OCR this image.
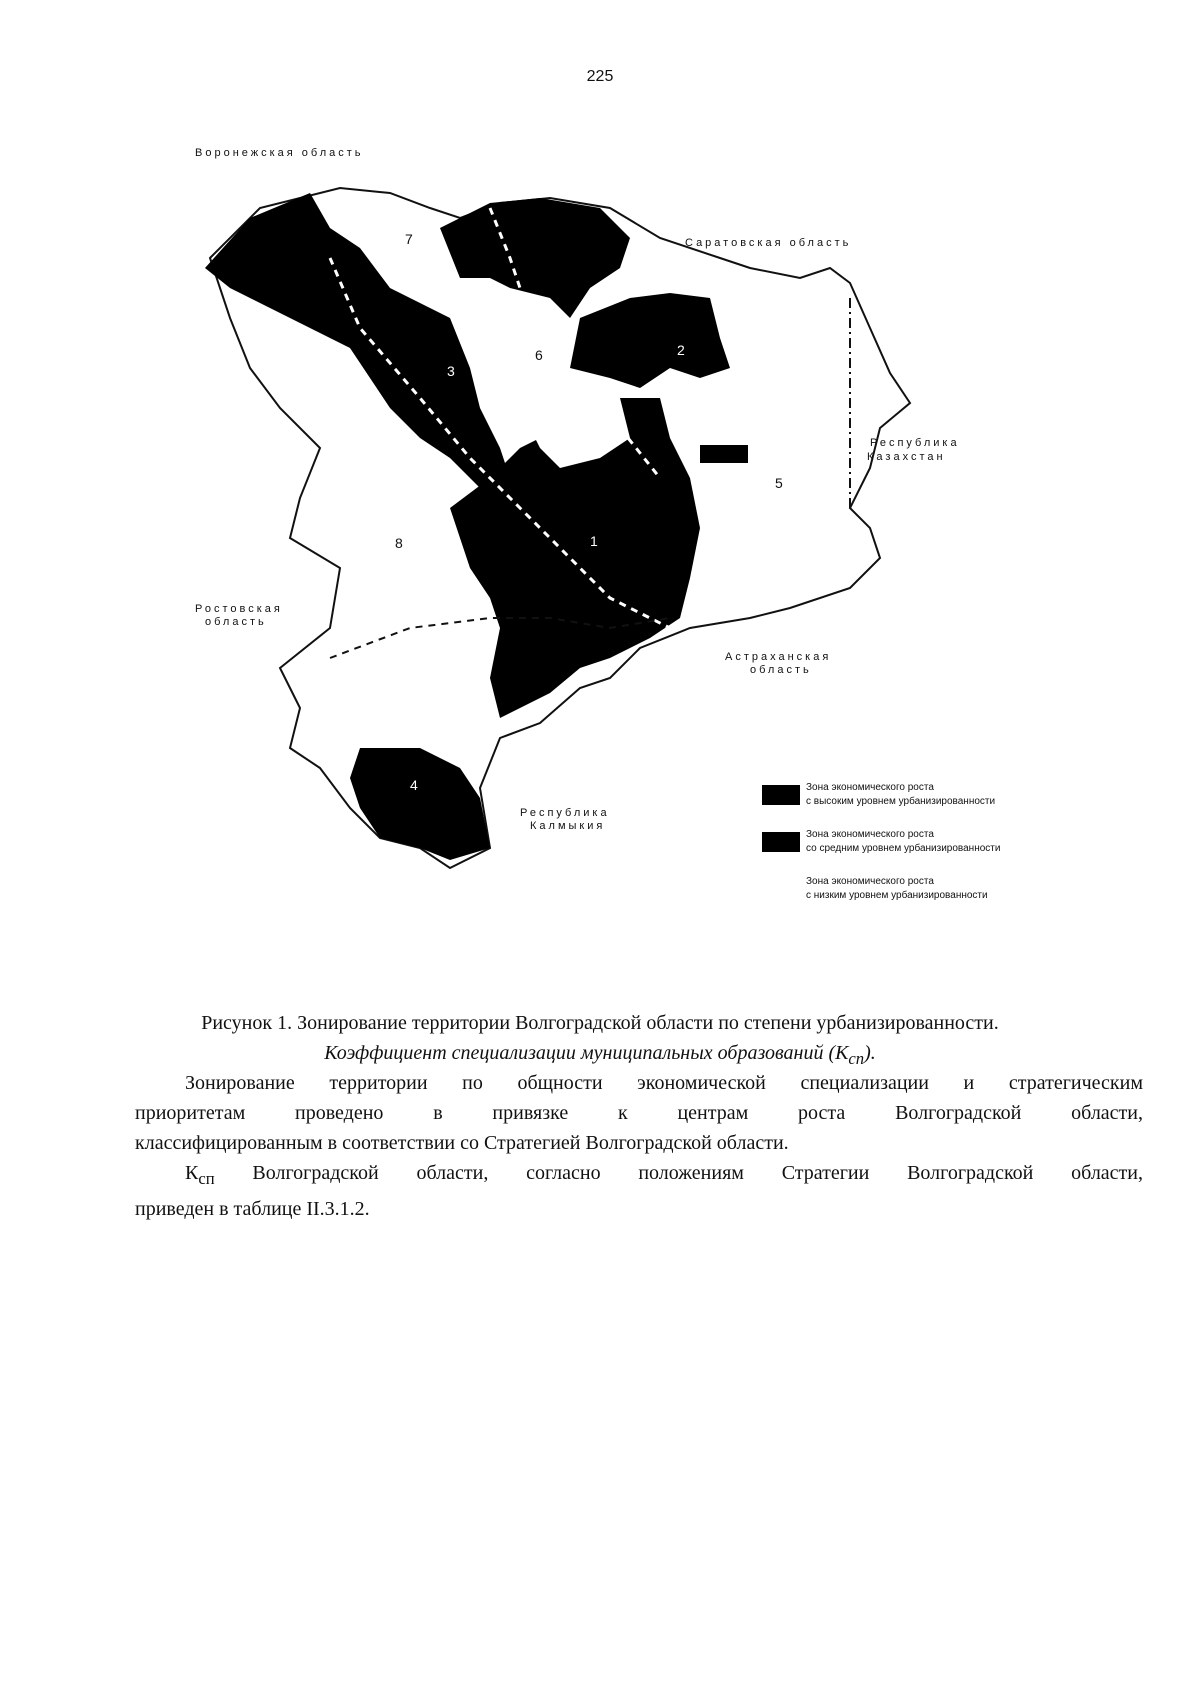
225
1
2
3
4
5
6
7
8
Воронежская область
Саратовская область
Республика
Казахстан
Ростовская
область
Астраханская
область
Республика
Калмыкия
Зона экономического роста
с высоким уровнем урбанизированности
Зона экономического роста
со средним уровнем урбанизированности
Зона экономического роста
с низким уровнем урбанизированности
Рисунок 1. Зонирование территории Волгоградской области по степени урбанизированности.
Коэффициент специализации муниципальных образований $(К_{сп})$.

Зонирование территории по общности экономической специализации и стратегическим

приоритетам проведено в привязке к центрам роста Волгоградской области,

классифицированным в соответствии со Стратегией Волгоградской области.

$К_{сп}$ Волгоградской области, согласно положениям Стратегии Волгоградской области,

приведен в таблице II.3.1.2.
